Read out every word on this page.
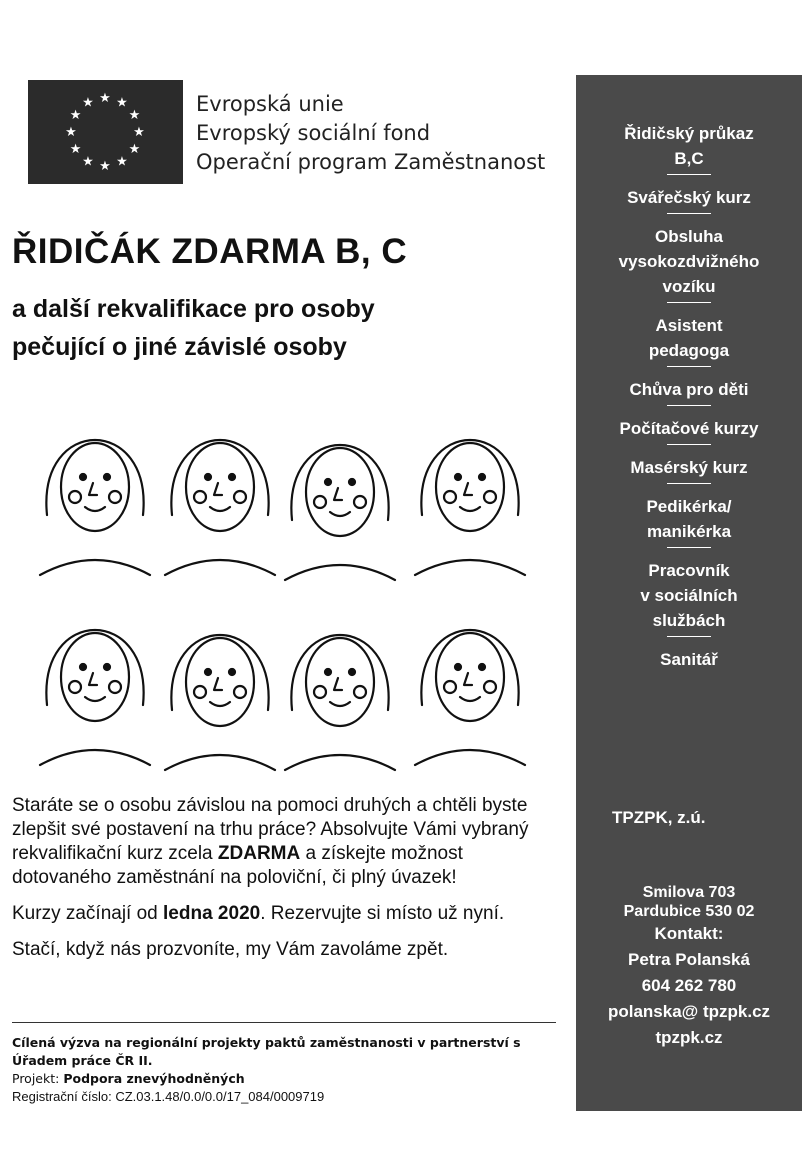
★ ★
★
★
★
★
★
★
★
★
★
★	Evropská unie
Evropský sociální fond
Operační program Zaměstnanost
ŘIDIČÁK ZDARMA B, C
a další rekvalifikace pro osoby
pečující o jiné závislé osoby

Staráte se o osobu závislou na pomoci druhých a chtěli byste zlepšit své postavení na trhu práce? Absolvujte Vámi vybraný rekvalifikační kurz zcela ZDARMA a získejte možnost dotovaného zaměstnání na poloviční, či plný úvazek!

Kurzy začínají od ledna 2020. Rezervujte si místo už nyní.

Stačí, když nás prozvoníte, my Vám zavoláme zpět.

Cílená výzva na regionální projekty paktů zaměstnanosti v partnerství s
Úřadem práce ČR II.
Projekt: Podpora znevýhodněných
Registrační číslo: CZ.03.1.48/0.0/0.0/17_084/0009719
Řidičský průkaz
B,C
Svářečský kurz
Obsluha
vysokozdvižného
vozíku
Asistent
pedagoga
Chůva pro děti
Počítačové kurzy
Masérský kurz
Pedikérka/
manikérka
Pracovník
v sociálních
službách
Sanitář
TPZPK, z.ú.
Smilova 703
Pardubice 530 02
Kontakt:
Petra Polanská
604 262 780
polanska@ tpzpk.cz
tpzpk.cz
